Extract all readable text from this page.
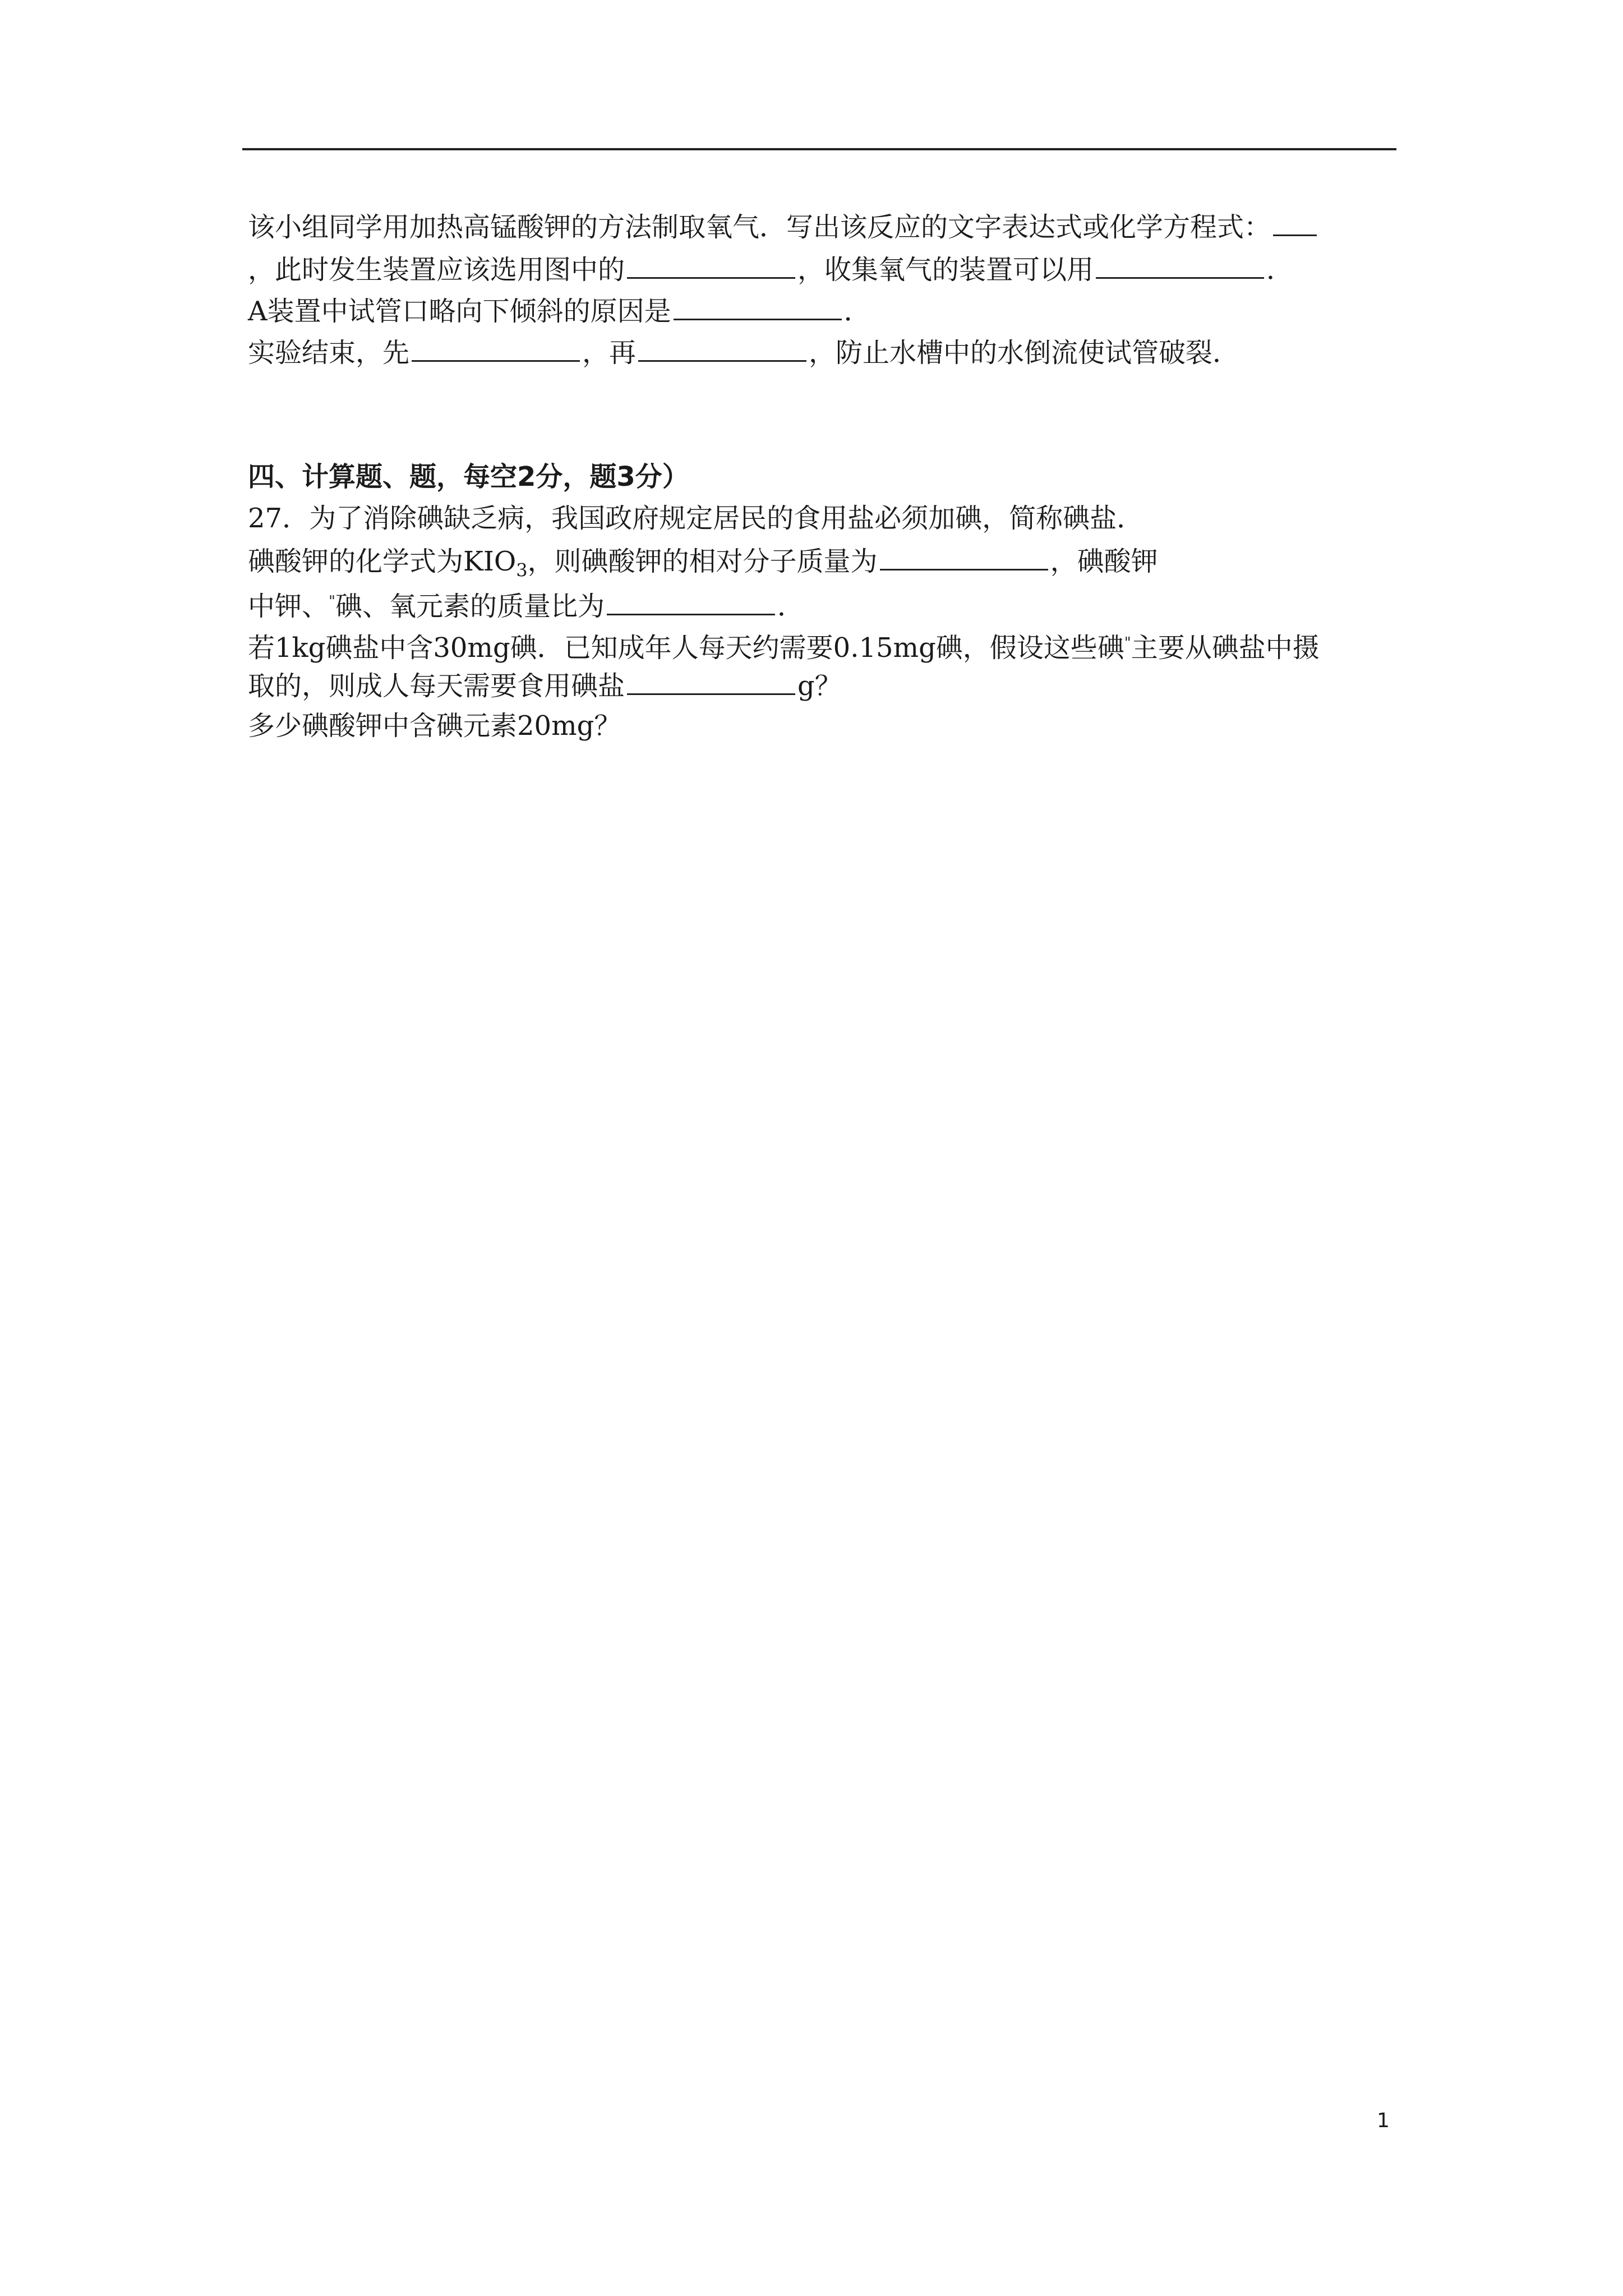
该小组同学用加热高锰酸钾的方法制取氧气．写出该反应的文字表达式或化学方程式：
，此时发生装置应该选用图中的	，收集氧气的装置可以用	．
A装置中试管口略向下倾斜的原因是	．
实验结束，先	，再	，防止水槽中的水倒流使试管破裂．
四、计算题、题，每空2分，题3分）
27．为了消除碘缺乏病，我国政府规定居民的食用盐必须加碘，简称碘盐．
碘酸钾的化学式为$KIO_3$，则碘酸钾的相对分子质量为	，碘酸钾
中钾、"碘、氧元素的质量比为	．
若1kg碘盐中含30mg碘．已知成年人每天约需要0.15mg碘，假设这些碘"主要从碘盐中摄
取的，则成人每天需要食用碘盐	g？
多少碘酸钾中含碘元素20mg？
1
